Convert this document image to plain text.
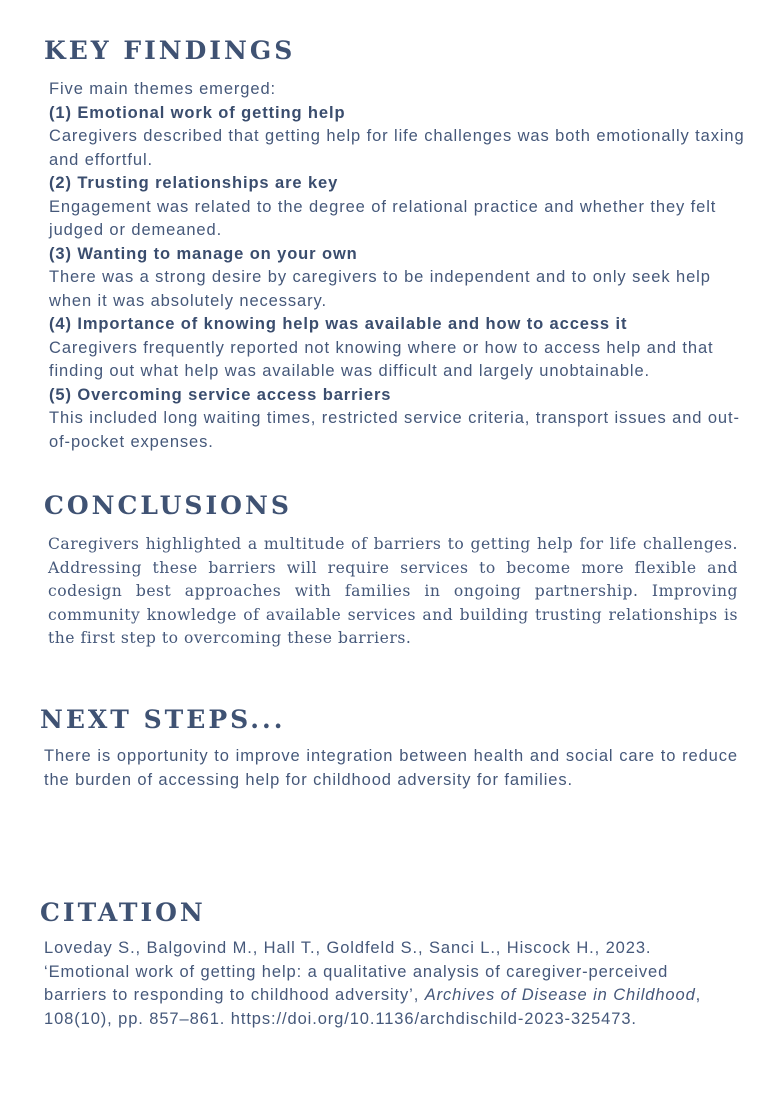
KEY FINDINGS

Five main themes emerged:

(1) Emotional work of getting help

Caregivers described that getting help for life challenges was both emotionally taxing and effortful.

(2) Trusting relationships are key

Engagement was related to the degree of relational practice and whether they felt judged or demeaned.

(3) Wanting to manage on your own

There was a strong desire by caregivers to be independent and to only seek help when it was absolutely necessary.

(4) Importance of knowing help was available and how to access it

Caregivers frequently reported not knowing where or how to access help and that finding out what help was available was difficult and largely unobtainable.

(5) Overcoming service access barriers

This included long waiting times, restricted service criteria, transport issues and out-of-pocket expenses.

CONCLUSIONS
Caregivers highlighted a multitude of barriers to getting help for life challenges. Addressing these barriers will require services to become more flexible and codesign best approaches with families in ongoing partnership. Improving community knowledge of available services and building trusting relationships is the first step to overcoming these barriers.
NEXT STEPS...
There is opportunity to improve integration between health and social care to reduce the burden of accessing help for childhood adversity for families.
CITATION
Loveday S., Balgovind M., Hall T., Goldfeld S., Sanci L., Hiscock H., 2023. ‘Emotional work of getting help: a qualitative analysis of caregiver-perceived barriers to responding to childhood adversity’, Archives of Disease in Childhood, 108(10), pp. 857–861. https://doi.org/10.1136/archdischild-2023-325473.
